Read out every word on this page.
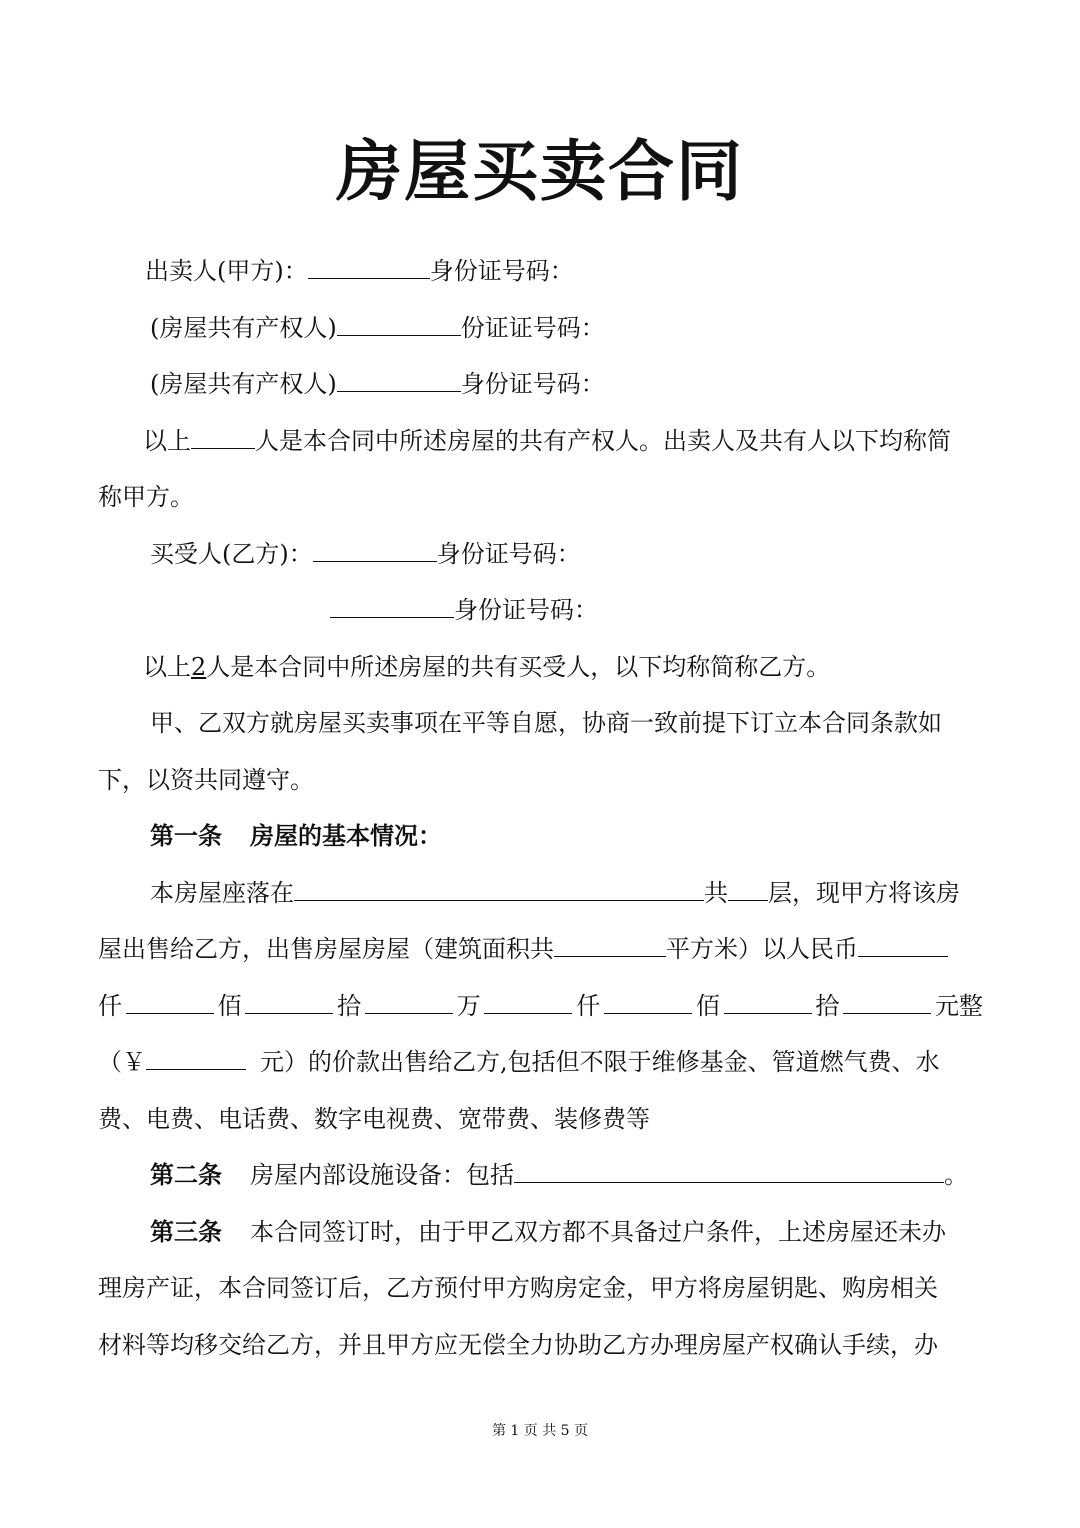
房屋买卖合同
出卖人(甲方)：	身份证号码：
(房屋共有产权人)	份证证号码：
(房屋共有产权人)	身份证号码：
以上	人是本合同中所述房屋的共有产权人。出卖人及共有人以下均称简
称甲方。
买受人(乙方)：	身份证号码：
身份证号码：
以上2人是本合同中所述房屋的共有买受人，以下均称简称乙方。
甲、乙双方就房屋买卖事项在平等自愿，协商一致前提下订立本合同条款如
下，以资共同遵守。
第一条 房屋的基本情况：
本房屋座落在	共 层，现甲方将该房
屋出售给乙方，出售房屋房屋（建筑面积共	平方米）以人民币
仟	佰	拾	万	仟	佰	拾	元整
（￥	元）的价款出售给乙方,包括但不限于维修基金、管道燃气费、水
费、电费、电话费、数字电视费、宽带费、装修费等
第二条 房屋内部设施设备：包括	。
第三条 本合同签订时，由于甲乙双方都不具备过户条件，上述房屋还未办
理房产证，本合同签订后，乙方预付甲方购房定金，甲方将房屋钥匙、购房相关
材料等均移交给乙方，并且甲方应无偿全力协助乙方办理房屋产权确认手续，办
第 1 页 共 5 页
